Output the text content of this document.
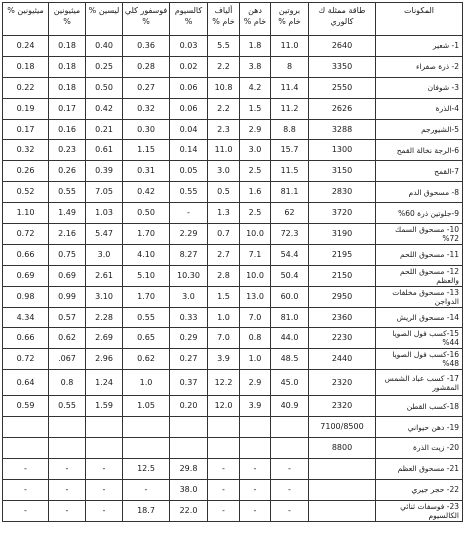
المكونات	طاقة ممثلة ك كالوري	بروتين خام %	دهن خام %	ألياف خام %	كالسيوم %	فوسفور كلي %	ليسين %	ميثيونين %	ميثيونين %
1- شعير	2640	11.0	1.8	5.5	0.03	0.36	0.40	0.18	0.24
2- ذرة صفراء	3350	8	3.8	2.2	0.02	0.28	0.25	0.18	0.18
3- شوفان	2550	11.4	4.2	10.8	0.06	0.27	0.50	0.18	0.22
4-الذرة	2626	11.2	1.5	2.2	0.06	0.32	0.42	0.17	0.19
5-الشيورجم	3288	8.8	2.9	2.3	0.04	0.30	0.21	0.16	0.17
6-الرجة نخالة القمح	1300	15.7	3.0	11.0	0.14	1.15	0.61	0.23	0.32
7-القمح	3150	11.5	2.5	3.0	0.05	0.31	0.39	0.26	0.26
8- مسحوق الدم	2830	81.1	1.6	0.5	0.55	0.42	7.05	0.55	0.52
9-جلوتين ذرة 60%	3720	62	2.5	1.3	-	0.50	1.03	1.49	1.10
10- مسحوق السمك 72%	3190	72.3	10.0	0.7	2.29	1.70	5.47	2.16	0.72
11- مسحوق اللحم	2195	54.4	7.1	2.7	8.27	4.10	3.0	0.75	0.66
12- مسحوق اللحم والعظم	2150	50.4	10.0	2.8	10.30	5.10	2.61	0.69	0.69
13- مسحوق مخلفات الدواجن	2950	60.0	13.0	1.5	3.0	1.70	3.10	0.99	0.98
14- مسحوق الريش	2360	81.0	7.0	1.0	0.33	0.55	2.28	0.57	4.34
15-كسب فول الصويا 44%	2230	44.0	0.8	7.0	0.29	0.65	2.69	0.62	0.66
16-كسب فول الصويا 48%	2440	48.5	1.0	3.9	0.27	0.62	2.96	067.	0.72
17- كسب عباد الشمس المقشور	2320	45.0	2.9	12.2	0.37	1.0	1.24	0.8	0.64
18-كسب القطن	2320	40.9	3.9	12.0	0.20	1.05	1.59	0.55	0.59
19- دهن حيواني	7100/8500								
20- زيت الذرة	8800								
21- مسحوق العظم		-	-	-	29.8	12.5	-	-	-
22- حجر جيري		-	-	-	38.0	-	-	-	-
23- فوسفات ثنائي الكالسيوم		-	-	-	22.0	18.7	-	-	-
